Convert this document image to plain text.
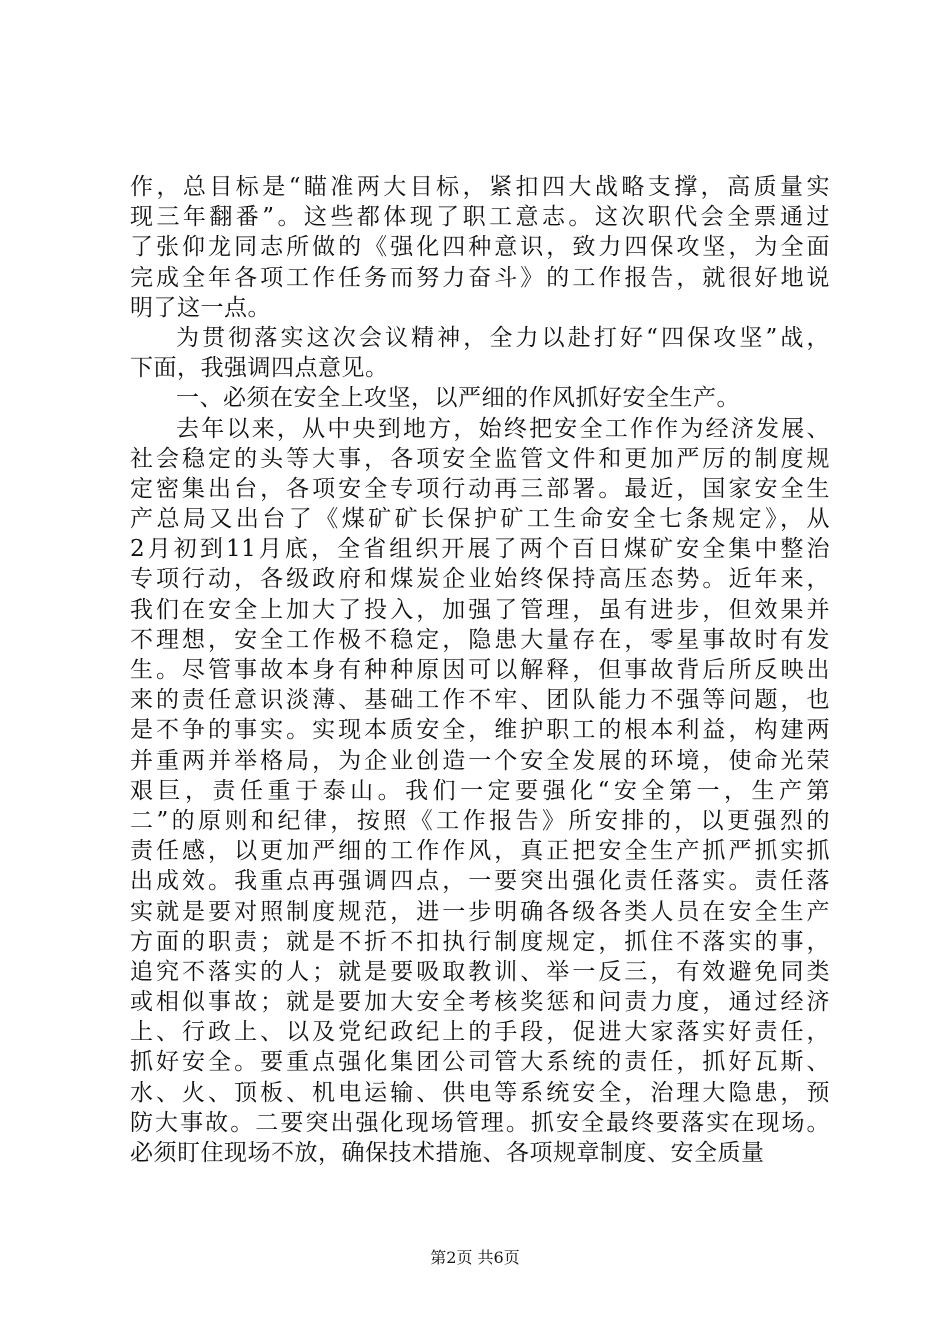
作，总目标是“瞄准两大目标，紧扣四大战略支撑，高质量实
现三年翻番”。这些都体现了职工意志。这次职代会全票通过
了张仰龙同志所做的《强化四种意识，致力四保攻坚，为全面
完成全年各项工作任务而努力奋斗》的工作报告，就很好地说
明了这一点。
为贯彻落实这次会议精神，全力以赴打好“四保攻坚”战，
下面，我强调四点意见。
一、必须在安全上攻坚，以严细的作风抓好安全生产。
去年以来，从中央到地方，始终把安全工作作为经济发展、
社会稳定的头等大事，各项安全监管文件和更加严厉的制度规
定密集出台，各项安全专项行动再三部署。最近，国家安全生
产总局又出台了《煤矿矿长保护矿工生命安全七条规定》，从
2月初到11月底，全省组织开展了两个百日煤矿安全集中整治
专项行动，各级政府和煤炭企业始终保持高压态势。近年来，
我们在安全上加大了投入，加强了管理，虽有进步，但效果并
不理想，安全工作极不稳定，隐患大量存在，零星事故时有发
生。尽管事故本身有种种原因可以解释，但事故背后所反映出
来的责任意识淡薄、基础工作不牢、团队能力不强等问题，也
是不争的事实。实现本质安全，维护职工的根本利益，构建两
并重两并举格局，为企业创造一个安全发展的环境，使命光荣
艰巨，责任重于泰山。我们一定要强化“安全第一，生产第
二”的原则和纪律，按照《工作报告》所安排的，以更强烈的
责任感，以更加严细的工作作风，真正把安全生产抓严抓实抓
出成效。我重点再强调四点，一要突出强化责任落实。责任落
实就是要对照制度规范，进一步明确各级各类人员在安全生产
方面的职责；就是不折不扣执行制度规定，抓住不落实的事，
追究不落实的人；就是要吸取教训、举一反三，有效避免同类
或相似事故；就是要加大安全考核奖惩和问责力度，通过经济
上、行政上、以及党纪政纪上的手段，促进大家落实好责任，
抓好安全。要重点强化集团公司管大系统的责任，抓好瓦斯、
水、火、顶板、机电运输、供电等系统安全，治理大隐患，预
防大事故。二要突出强化现场管理。抓安全最终要落实在现场。
必须盯住现场不放，确保技术措施、各项规章制度、安全质量
第2页 共6页
